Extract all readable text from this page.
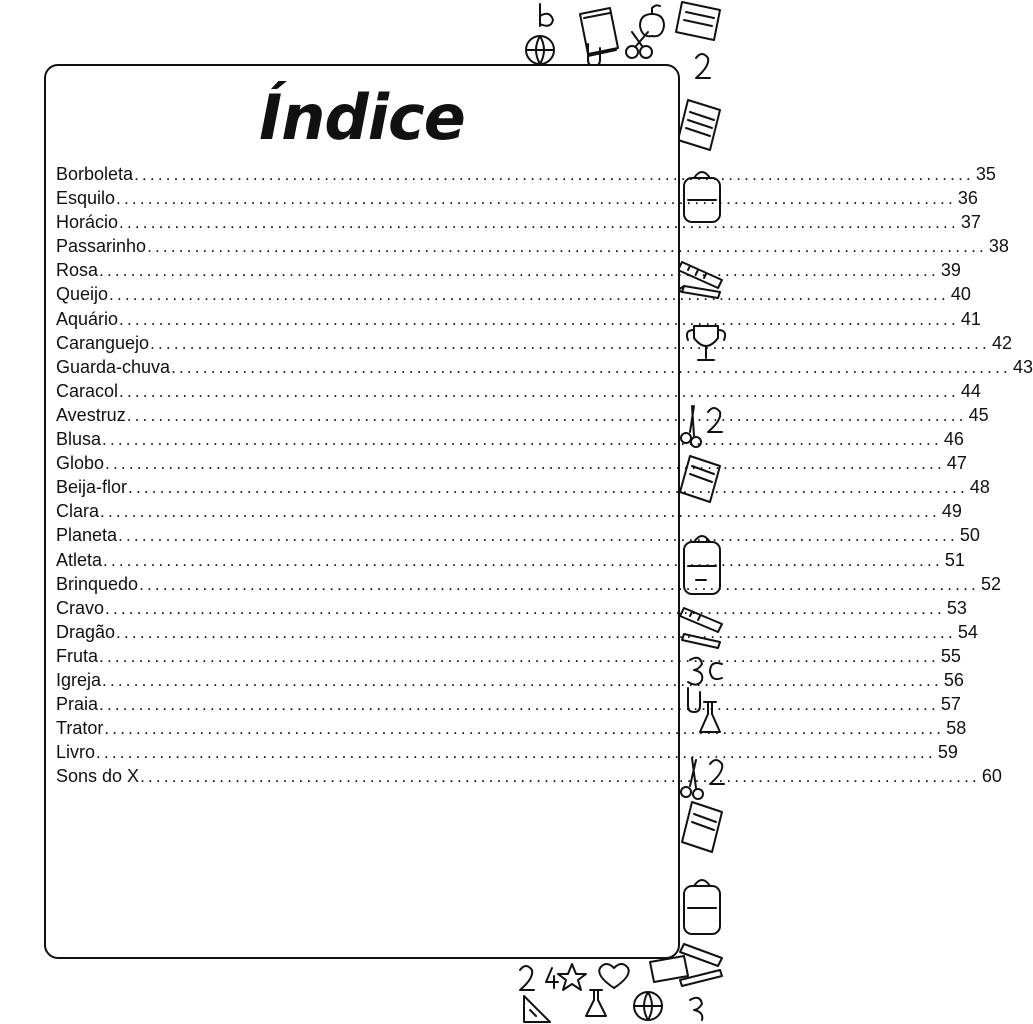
Índice
Borboleta .......................................................................................................... 35
Esquilo .......................................................................................................... 36
Horácio .......................................................................................................... 37
Passarinho .......................................................................................................... 38
Rosa .......................................................................................................... 39
Queijo .......................................................................................................... 40
Aquário .......................................................................................................... 41
Caranguejo .......................................................................................................... 42
Guarda-chuva .......................................................................................................... 43
Caracol .......................................................................................................... 44
Avestruz .......................................................................................................... 45
Blusa .......................................................................................................... 46
Globo .......................................................................................................... 47
Beija-flor .......................................................................................................... 48
Clara .......................................................................................................... 49
Planeta .......................................................................................................... 50
Atleta .......................................................................................................... 51
Brinquedo .......................................................................................................... 52
Cravo .......................................................................................................... 53
Dragão .......................................................................................................... 54
Fruta .......................................................................................................... 55
Igreja .......................................................................................................... 56
Praia .......................................................................................................... 57
Trator .......................................................................................................... 58
Livro .......................................................................................................... 59
Sons do X .......................................................................................................... 60
